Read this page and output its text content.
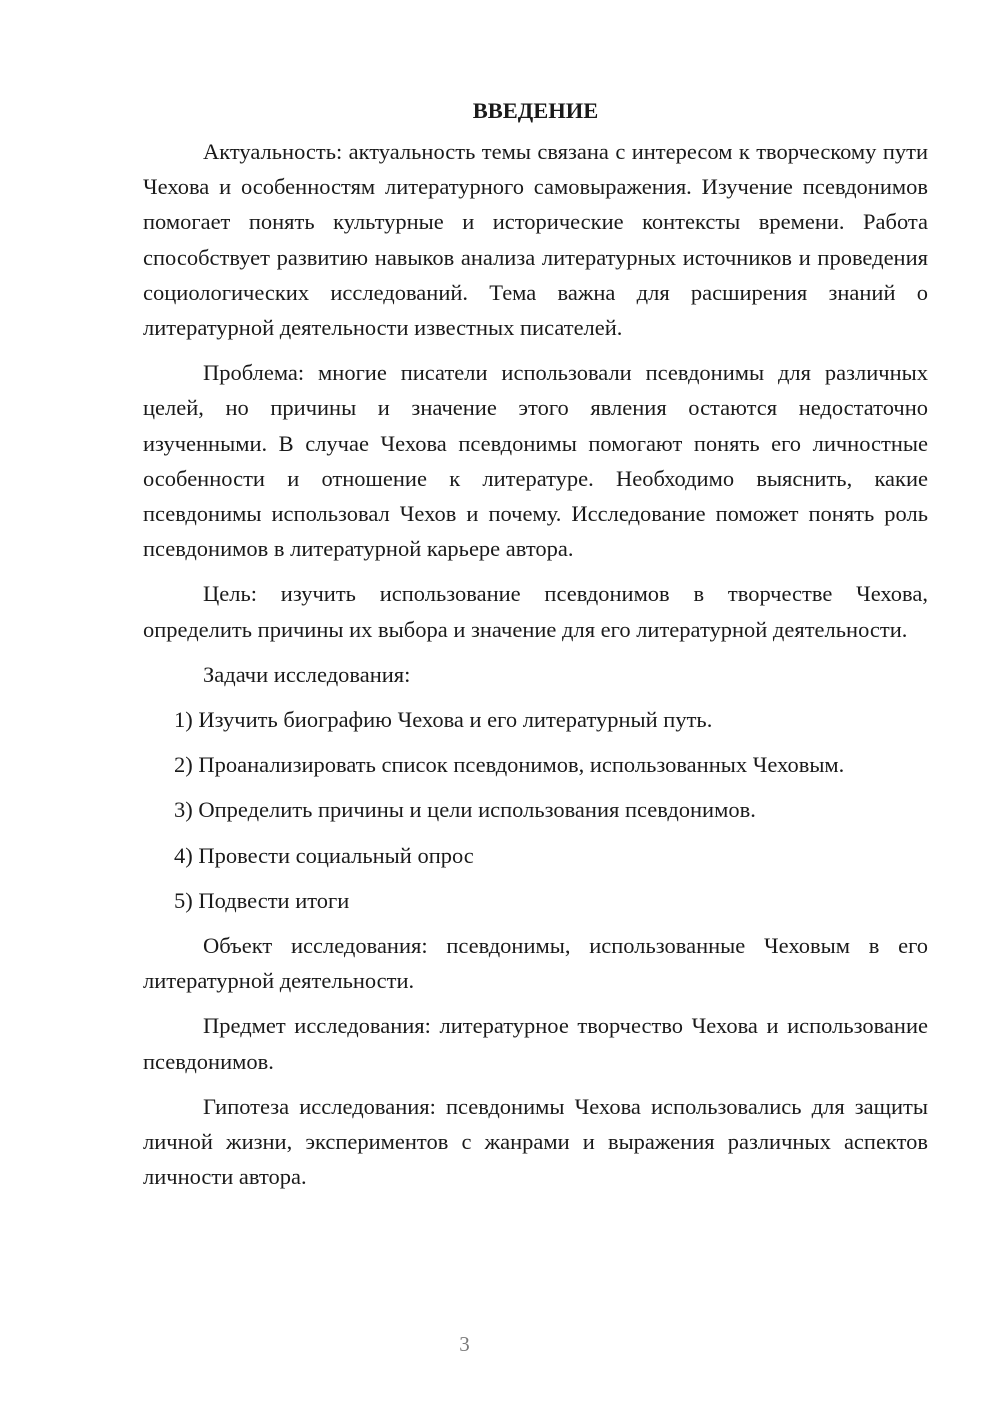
ВВЕДЕНИЕ

Актуальность: актуальность темы связана с интересом к творческому пути Чехова и особенностям литературного самовыражения. Изучение псевдонимов помогает понять культурные и исторические контексты времени. Работа способствует развитию навыков анализа литературных источников и проведения социологических исследований. Тема важна для расширения знаний о литературной деятельности известных писателей.

Проблема: многие писатели использовали псевдонимы для различных целей, но причины и значение этого явления остаются недостаточно изученными. В случае Чехова псевдонимы помогают понять его личностные особенности и отношение к литературе. Необходимо выяснить, какие псевдонимы использовал Чехов и почему. Исследование поможет понять роль псевдонимов в литературной карьере автора.

Цель: изучить использование псевдонимов в творчестве Чехова, определить причины их выбора и значение для его литературной деятельности.

Задачи исследования:

1) Изучить биографию Чехова и его литературный путь.
2) Проанализировать список псевдонимов, использованных Чеховым.
3) Определить причины и цели использования псевдонимов.
4) Провести социальный опрос
5) Подвести итоги

Объект исследования: псевдонимы, использованные Чеховым в его литературной деятельности.

Предмет исследования: литературное творчество Чехова и использование псевдонимов.

Гипотеза исследования: псевдонимы Чехова использовались для защиты личной жизни, экспериментов с жанрами и выражения различных аспектов личности автора.

3
